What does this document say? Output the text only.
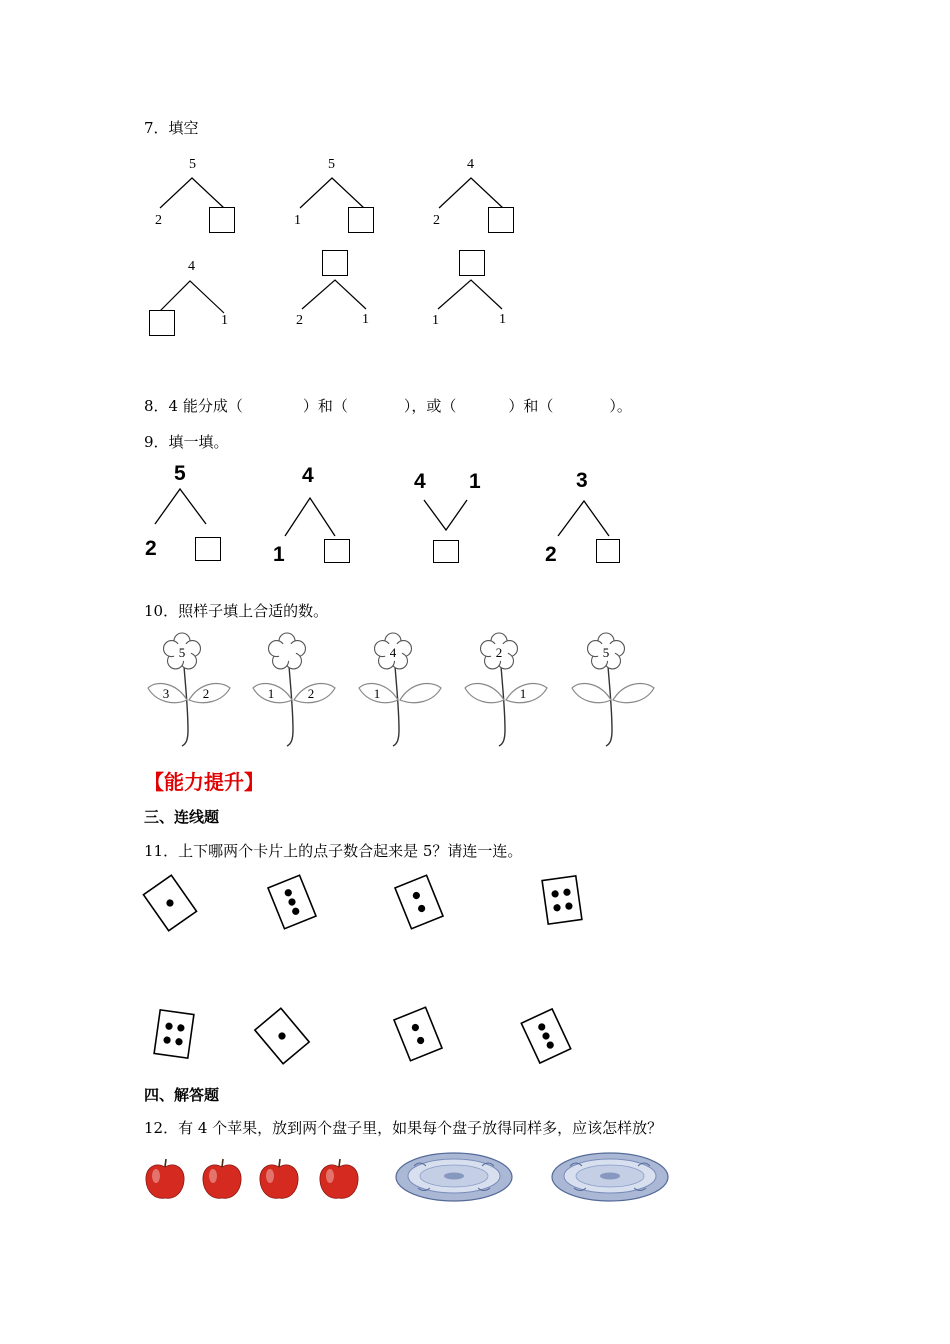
7．填空
5
2
5
1
4
2
4
1	2	1	1	1
8．4 能分成（	）和（	），或（	）和（	）。
9．填一填。
5
2
4
1
4 1	3
2
10．照样子填上合适的数。
5
3	2	1	2
4
1
2
1
5
【能力提升】
三、连线题
11．上下哪两个卡片上的点子数合起来是 5？请连一连。
四、解答题
12．有 4 个苹果，放到两个盘子里，如果每个盘子放得同样多，应该怎样放？
